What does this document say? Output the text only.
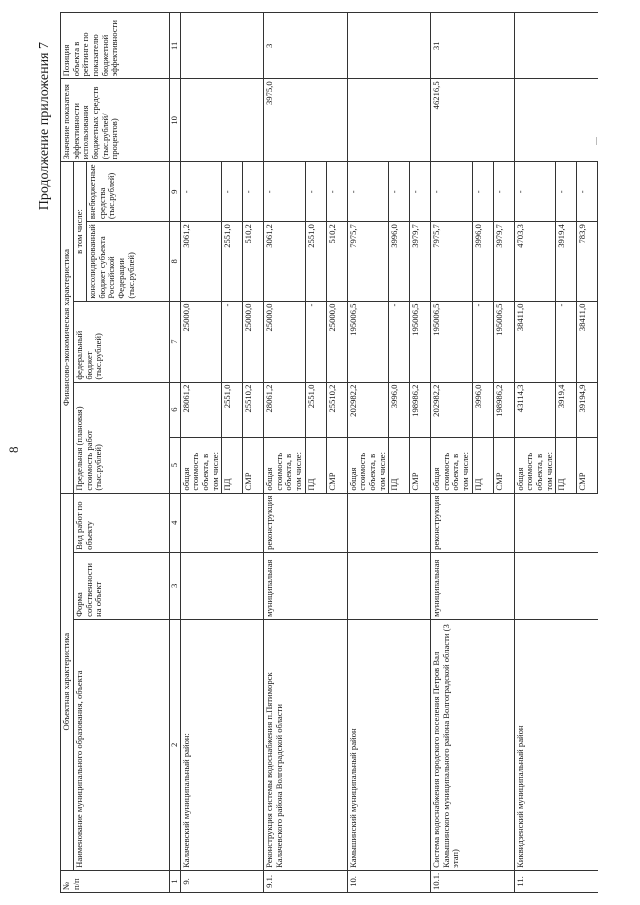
8
Продолжение приложения 7
№ п/п	Объектная характеристика			Финансово-экономическая характеристика					Значение показателя эффективности использования бюджетных средств (тыс.рублей/процентов)	Позиция объекта в рейтинге по показателю бюджетной эффективности
	Наименование муниципального образования, объекта	Форма собственности на объект	Вид работ по объекту	Предельная (плановая) стоимость работ (тыс.рублей)		федеральный бюджет (тыс.рублей)	в том числе:			
							консолидированный бюджет субъекта Российской Федерации (тыс.рублей)	внебюджетные средства (тыс.рублей)		
1	2	3	4	5	6	7	8	9	10	11
9.	Калачевский муниципальный район:			общая стоимость объекта, в том числе:	28061,2	25000,0	3061,2	-		
				ПД	2551,0	-	2551,0	-		
				СМР	25510,2	25000,0	510,2	-		
9.1.	Реконструкция системы водоснабжения п.Пятиморск Калачевского района Волгоградской области	муниципальная	реконструкция	общая стоимость объекта, в том числе:	28061,2	25000,0	3061,2	-	3975,0	3
				ПД	2551,0	-	2551,0	-		
				СМР	25510,2	25000,0	510,2	-		
10.	Камышинский муниципальный район			общая стоимость объекта, в том числе:	202982,2	195006,5	7975,7	-		
				ПД	3996,0	-	3996,0	-		
				СМР	198986,2	195006,5	3979,7	-		
10.1.	Система водоснабжения городского поселения Петров Вал Камышинского муниципального района Волгоградской области (3 этап)	муниципальная	реконструкция	общая стоимость объекта, в том числе:	202982,2	195006,5	7975,7	-	46216,5	31
				ПД	3996,0	-	3996,0	-		
				СМР	198986,2	195006,5	3979,7	-		
11.	Киквидзенский муниципальный район			общая стоимость объекта, в том числе:	43114,3	38411,0	4703,3	-		
				ПД	3919,4	-	3919,4	-		
				СМР	39194,9	38411,0	783,9	-		
